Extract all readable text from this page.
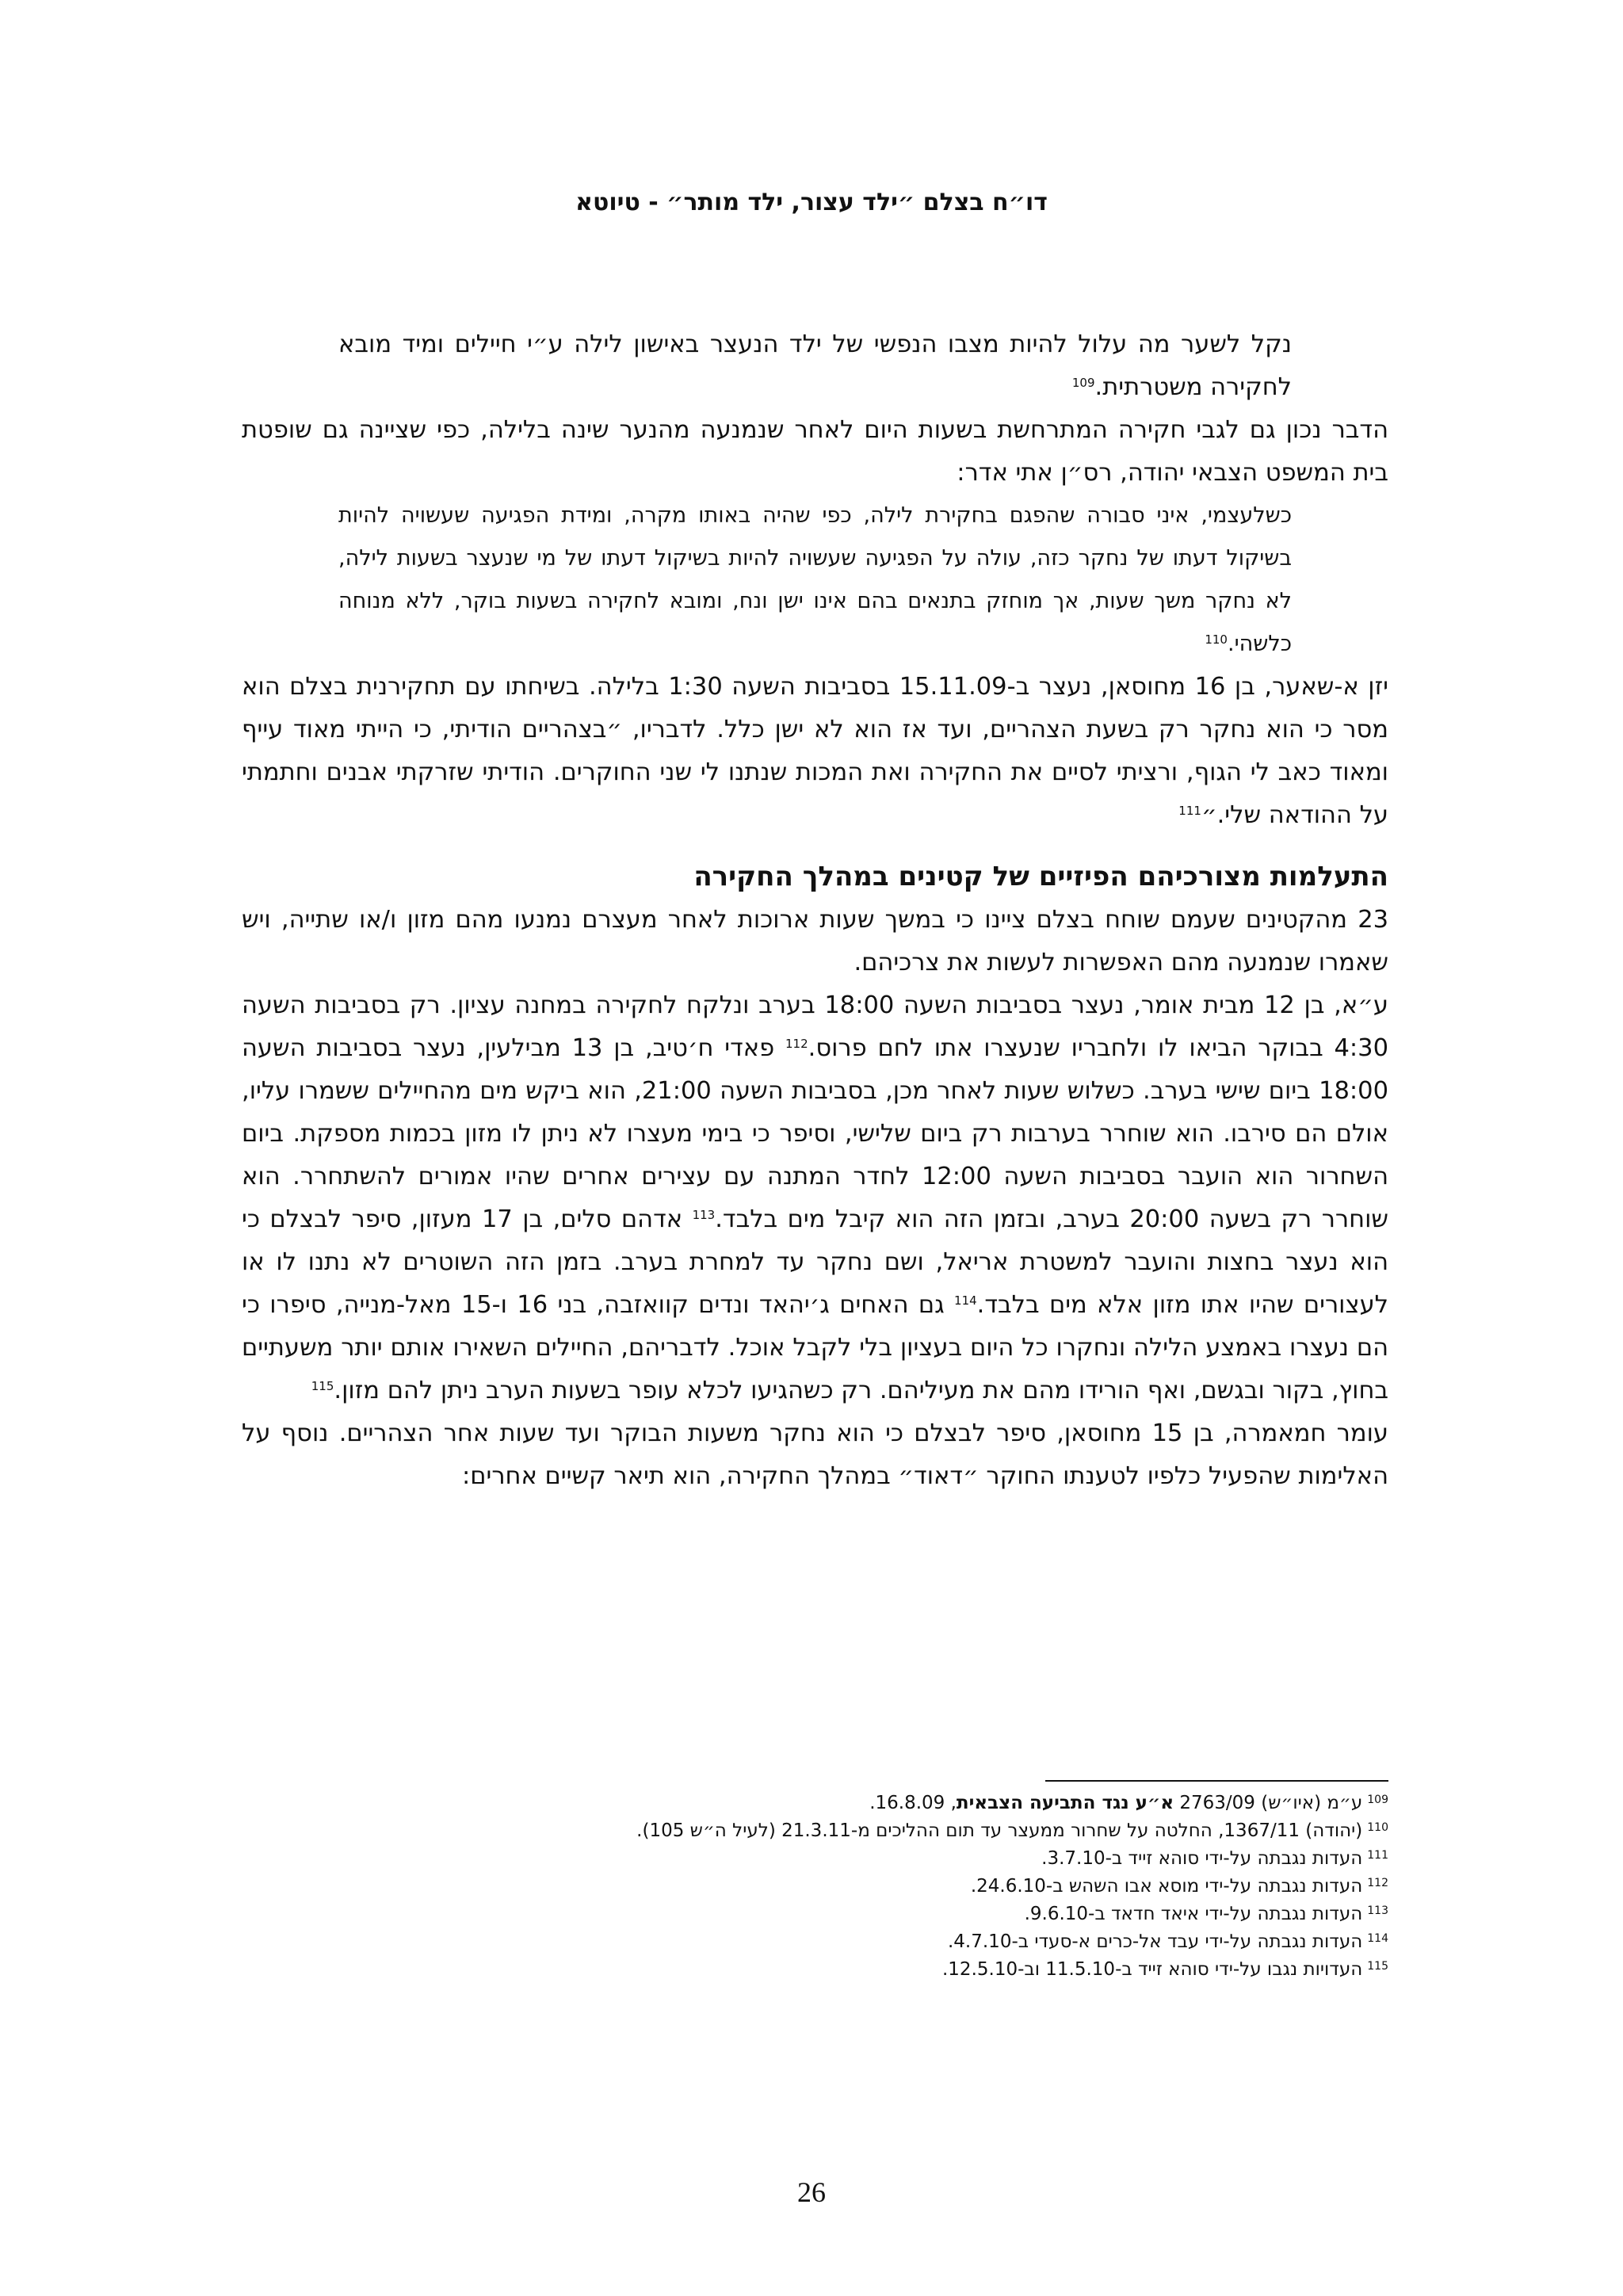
דו״ח בצלם ״ילד עצור, ילד מותר״ - טיוטא

נקל לשער מה עלול להיות מצבו הנפשי של ילד הנעצר באישון לילה ע״י חיילים ומיד מובא לחקירה משטרתית.$^{109}$

הדבר נכון גם לגבי חקירה המתרחשת בשעות היום לאחר שנמנעה מהנער שינה בלילה, כפי שציינה גם שופטת בית המשפט הצבאי יהודה, רס״ן אתי אדר:

כשלעצמי, איני סבורה שהפגם בחקירת לילה, כפי שהיה באותו מקרה, ומידת הפגיעה שעשויה להיות בשיקול דעתו של נחקר כזה, עולה על הפגיעה שעשויה להיות בשיקול דעתו של מי שנעצר בשעות לילה, לא נחקר משך שעות, אך מוחזק בתנאים בהם אינו ישן ונח, ומובא לחקירה בשעות בוקר, ללא מנוחה כלשהי.$^{110}$

יזן א-שאער, בן 16 מחוסאן, נעצר ב-15.11.09 בסביבות השעה 1:30 בלילה. בשיחתו עם תחקירנית בצלם הוא מסר כי הוא נחקר רק בשעת הצהריים, ועד אז הוא לא ישן כלל. לדבריו, ״בצהריים הודיתי, כי הייתי מאוד עייף ומאוד כאב לי הגוף, ורציתי לסיים את החקירה ואת המכות שנתנו לי שני החוקרים. הודיתי שזרקתי אבנים וחתמתי על ההודאה שלי.״$^{111}$

התעלמות מצורכיהם הפיזיים של קטינים במהלך החקירה

23 מהקטינים שעמם שוחח בצלם ציינו כי במשך שעות ארוכות לאחר מעצרם נמנעו מהם מזון ו/או שתייה, ויש שאמרו שנמנעה מהם האפשרות לעשות את צרכיהם.

ע״א, בן 12 מבית אומר, נעצר בסביבות השעה 18:00 בערב ונלקח לחקירה במחנה עציון. רק בסביבות השעה 4:30 בבוקר הביאו לו ולחבריו שנעצרו אתו לחם פרוס.$^{112}$ פאדי ח׳טיב, בן 13 מבילעין, נעצר בסביבות השעה 18:00 ביום שישי בערב. כשלוש שעות לאחר מכן, בסביבות השעה 21:00, הוא ביקש מים מהחיילים ששמרו עליו, אולם הם סירבו. הוא שוחרר בערבות רק ביום שלישי, וסיפר כי בימי מעצרו לא ניתן לו מזון בכמות מספקת. ביום השחרור הוא הועבר בסביבות השעה 12:00 לחדר המתנה עם עצירים אחרים שהיו אמורים להשתחרר. הוא שוחרר רק בשעה 20:00 בערב, ובזמן הזה הוא קיבל מים בלבד.$^{113}$ אדהם סלים, בן 17 מעזון, סיפר לבצלם כי הוא נעצר בחצות והועבר למשטרת אריאל, ושם נחקר עד למחרת בערב. בזמן הזה השוטרים לא נתנו לו או לעצורים שהיו אתו מזון אלא מים בלבד.$^{114}$ גם האחים ג׳יהאד ונדים קוואזבה, בני 16 ו-15 מאל-מנייה, סיפרו כי הם נעצרו באמצע הלילה ונחקרו כל היום בעציון בלי לקבל אוכל. לדבריהם, החיילים השאירו אותם יותר משעתיים בחוץ, בקור ובגשם, ואף הורידו מהם את מעיליהם. רק כשהגיעו לכלא עופר בשעות הערב ניתן להם מזון.$^{115}$

עומר חמאמרה, בן 15 מחוסאן, סיפר לבצלם כי הוא נחקר משעות הבוקר ועד שעות אחר הצהריים. נוסף על האלימות שהפעיל כלפיו לטענתו החוקר ״דאוד״ במהלך החקירה, הוא תיאר קשיים אחרים:

$^{109}$ע״מ (איו״ש) 2763/09 א״ע נגד התביעה הצבאית, 16.8.09.
$^{110}$(יהודה) 1367/11, החלטה על שחרור ממעצר עד תום ההליכים מ-21.3.11 (לעיל ה״ש 105).
$^{111}$העדות נגבתה על-ידי סוהא זייד ב-3.7.10.
$^{112}$העדות נגבתה על-ידי מוסא אבו השהש ב-24.6.10.
$^{113}$העדות נגבתה על-ידי איאד חדאד ב-9.6.10.
$^{114}$העדות נגבתה על-ידי עבד אל-כרים א-סעדי ב-4.7.10.
$^{115}$העדויות נגבו על-ידי סוהא זייד ב-11.5.10 וב-12.5.10.
26
